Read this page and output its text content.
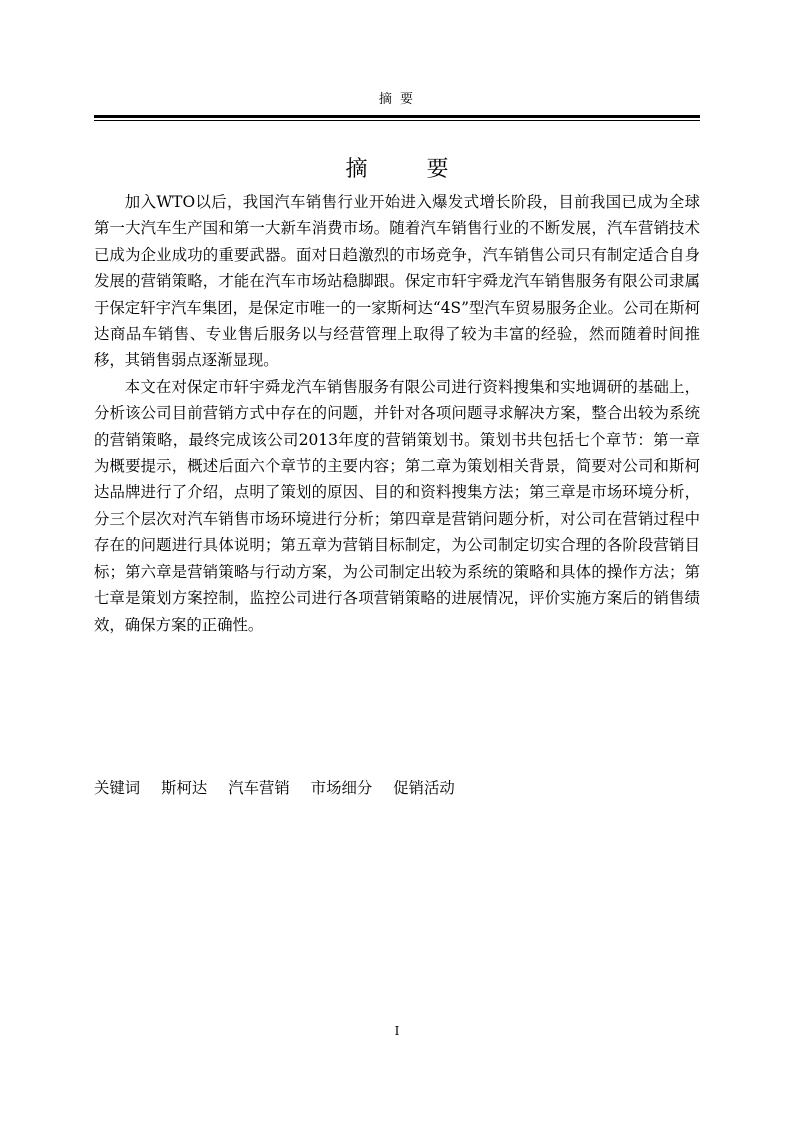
摘 要
摘 要

加入WTO以后，我国汽车销售行业开始进入爆发式增长阶段，目前我国已成为全球第一大汽车生产国和第一大新车消费市场。随着汽车销售行业的不断发展，汽车营销技术已成为企业成功的重要武器。面对日趋激烈的市场竞争，汽车销售公司只有制定适合自身发展的营销策略，才能在汽车市场站稳脚跟。保定市轩宇舜龙汽车销售服务有限公司隶属于保定轩宇汽车集团，是保定市唯一的一家斯柯达“4S”型汽车贸易服务企业。公司在斯柯达商品车销售、专业售后服务以与经营管理上取得了较为丰富的经验，然而随着时间推移，其销售弱点逐渐显现。

本文在对保定市轩宇舜龙汽车销售服务有限公司进行资料搜集和实地调研的基础上，分析该公司目前营销方式中存在的问题，并针对各项问题寻求解决方案，整合出较为系统的营销策略，最终完成该公司2013年度的营销策划书。策划书共包括七个章节：第一章为概要提示，概述后面六个章节的主要内容；第二章为策划相关背景，简要对公司和斯柯达品牌进行了介绍，点明了策划的原因、目的和资料搜集方法；第三章是市场环境分析，分三个层次对汽车销售市场环境进行分析；第四章是营销问题分析，对公司在营销过程中存在的问题进行具体说明；第五章为营销目标制定，为公司制定切实合理的各阶段营销目标；第六章是营销策略与行动方案，为公司制定出较为系统的策略和具体的操作方法；第七章是策划方案控制，监控公司进行各项营销策略的进展情况，评价实施方案后的销售绩效，确保方案的正确性。

关键词 斯柯达 汽车营销 市场细分 促销活动
I
